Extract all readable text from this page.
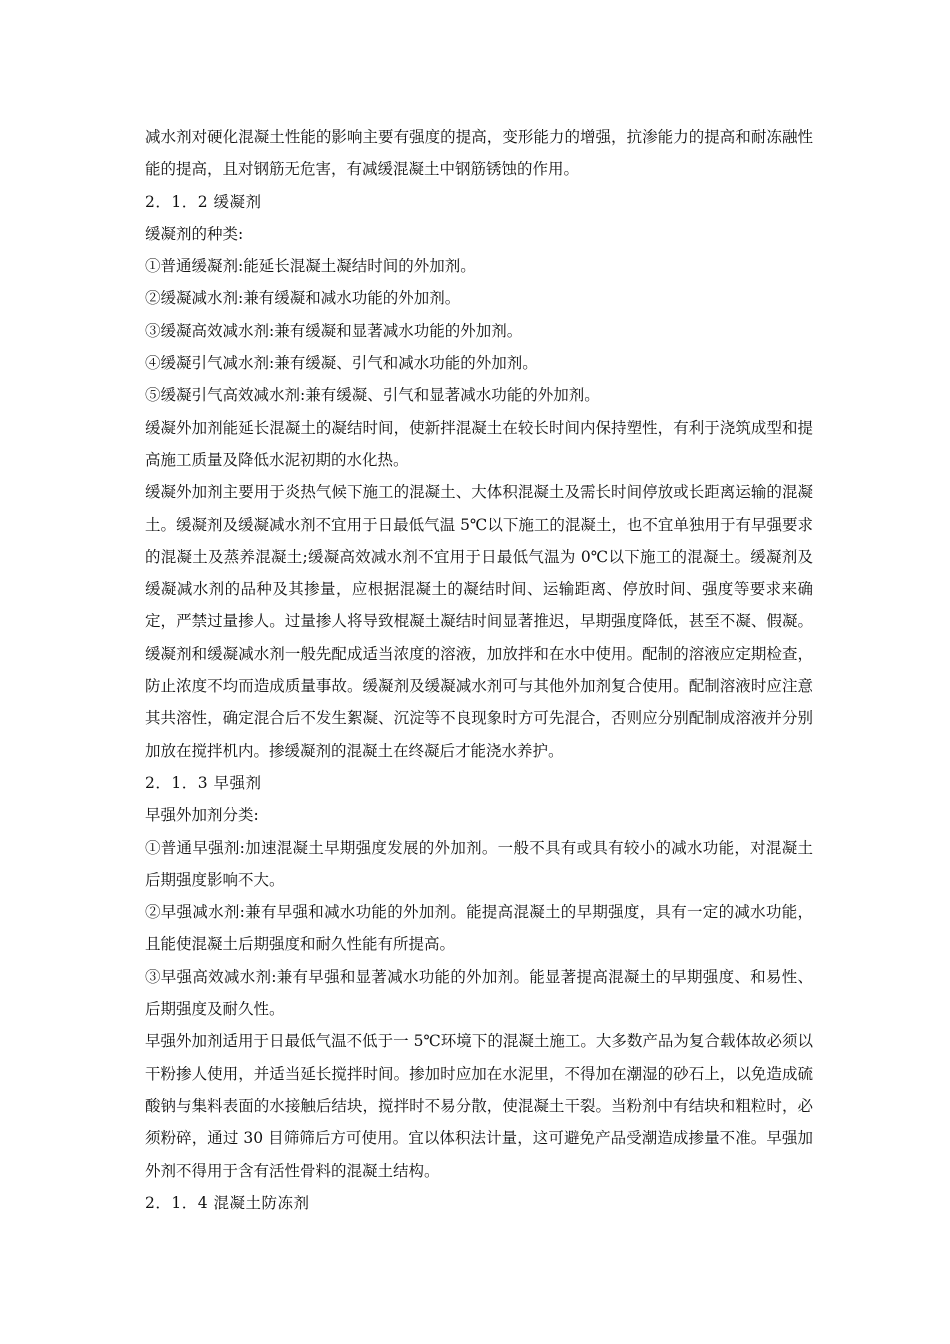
减水剂对硬化混凝土性能的影响主要有强度的提高，变形能力的增强，抗渗能力的提高和耐冻融性能的提高，且对钢筋无危害，有减缓混凝土中钢筋锈蚀的作用。

2．1．2 缓凝剂

缓凝剂的种类:

①普通缓凝剂:能延长混凝土凝结时间的外加剂。

②缓凝减水剂:兼有缓凝和减水功能的外加剂。

③缓凝高效减水剂:兼有缓凝和显著减水功能的外加剂。

④缓凝引气减水剂:兼有缓凝、引气和减水功能的外加剂。

⑤缓凝引气高效减水剂:兼有缓凝、引气和显著减水功能的外加剂。

缓凝外加剂能延长混凝土的凝结时间，使新拌混凝土在较长时间内保持塑性，有利于浇筑成型和提高施工质量及降低水泥初期的水化热。

缓凝外加剂主要用于炎热气候下施工的混凝土、大体积混凝土及需长时间停放或长距离运输的混凝土。缓凝剂及缓凝减水剂不宜用于日最低气温 5℃以下施工的混凝土，也不宜单独用于有早强要求的混凝土及蒸养混凝土;缓凝高效减水剂不宜用于日最低气温为 0℃以下施工的混凝土。缓凝剂及缓凝减水剂的品种及其掺量，应根据混凝土的凝结时间、运输距离、停放时间、强度等要求来确定，严禁过量掺人。过量掺人将导致棍凝土凝结时间显著推迟，早期强度降低，甚至不凝、假凝。缓凝剂和缓凝减水剂一般先配成适当浓度的溶液，加放拌和在水中使用。配制的溶液应定期检查，防止浓度不均而造成质量事故。缓凝剂及缓凝减水剂可与其他外加剂复合使用。配制溶液时应注意其共溶性，确定混合后不发生絮凝、沉淀等不良现象时方可先混合，否则应分别配制成溶液并分别加放在搅拌机内。掺缓凝剂的混凝土在终凝后才能浇水养护。

2．1．3 早强剂

早强外加剂分类:

①普通早强剂:加速混凝土早期强度发展的外加剂。一般不具有或具有较小的减水功能，对混凝土后期强度影响不大。

②早强减水剂:兼有早强和减水功能的外加剂。能提高混凝土的早期强度，具有一定的减水功能，且能使混凝土后期强度和耐久性能有所提高。

③早强高效减水剂:兼有早强和显著减水功能的外加剂。能显著提高混凝土的早期强度、和易性、后期强度及耐久性。

早强外加剂适用于日最低气温不低于一 5℃环境下的混凝土施工。大多数产品为复合载体故必须以干粉掺人使用，并适当延长搅拌时间。掺加时应加在水泥里，不得加在潮湿的砂石上，以免造成硫酸钠与集料表面的水接触后结块，搅拌时不易分散，使混凝土干裂。当粉剂中有结块和粗粒时，必须粉碎，通过 30 目筛筛后方可使用。宜以体积法计量，这可避免产品受潮造成掺量不准。早强加外剂不得用于含有活性骨料的混凝土结构。

2．1．4 混凝土防冻剂
